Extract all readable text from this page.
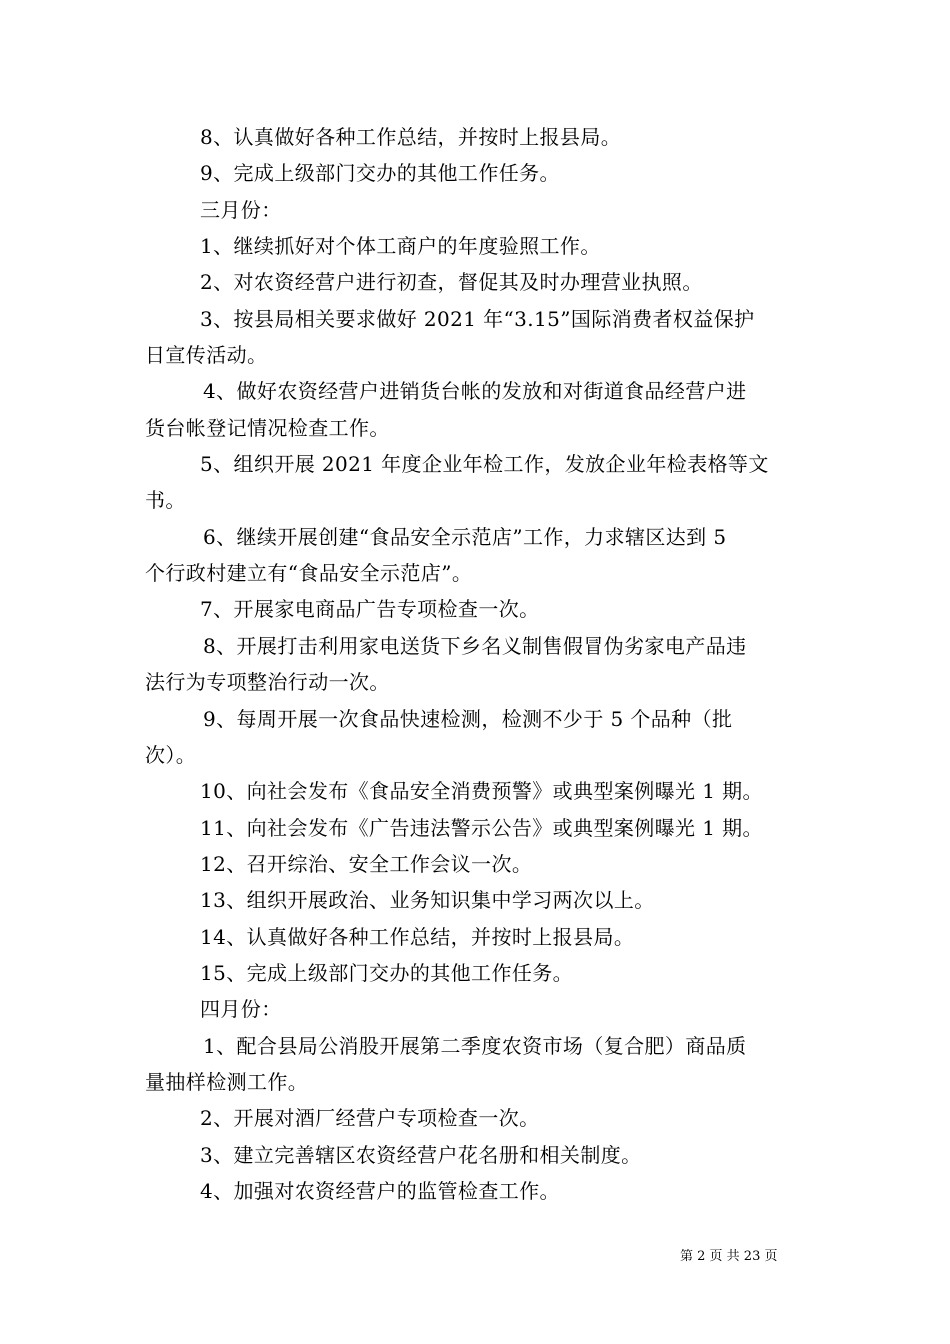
8、认真做好各种工作总结，并按时上报县局。
9、完成上级部门交办的其他工作任务。
三月份：
1、继续抓好对个体工商户的年度验照工作。
2、对农资经营户进行初查，督促其及时办理营业执照。
3、按县局相关要求做好 2021 年“3.15”国际消费者权益保护
日宣传活动。
4、做好农资经营户进销货台帐的发放和对街道食品经营户进
货台帐登记情况检查工作。
5、组织开展 2021 年度企业年检工作，发放企业年检表格等文
书。
6、继续开展创建“食品安全示范店”工作，力求辖区达到 5
个行政村建立有“食品安全示范店”。
7、开展家电商品广告专项检查一次。
8、开展打击利用家电送货下乡名义制售假冒伪劣家电产品违
法行为专项整治行动一次。
9、每周开展一次食品快速检测，检测不少于 5 个品种（批
次）。
10、向社会发布《食品安全消费预警》或典型案例曝光 1 期。
11、向社会发布《广告违法警示公告》或典型案例曝光 1 期。
12、召开综治、安全工作会议一次。
13、组织开展政治、业务知识集中学习两次以上。
14、认真做好各种工作总结，并按时上报县局。
15、完成上级部门交办的其他工作任务。
四月份：
1、配合县局公消股开展第二季度农资市场（复合肥）商品质
量抽样检测工作。
2、开展对酒厂经营户专项检查一次。
3、建立完善辖区农资经营户花名册和相关制度。
4、加强对农资经营户的监管检查工作。
第 2 页 共 23 页
